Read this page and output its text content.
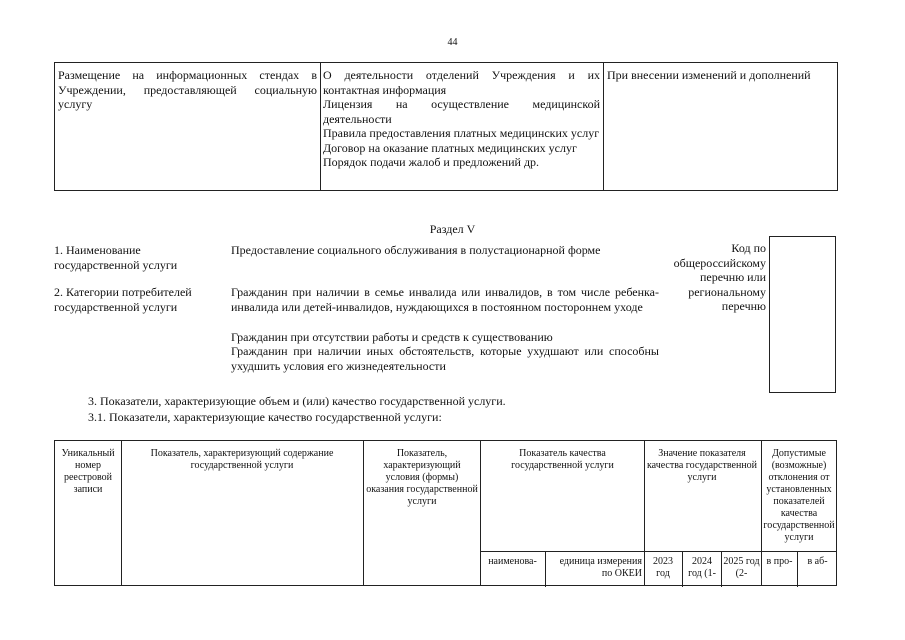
44
Размещение на информационных стендах в Учреждении, предоставляющей социальную услугу
О деятельности отделений Учреждения и их контактная информация
Лицензия на осуществление медицинской деятельности
Правила предоставления платных медицинских услуг
Договор на оказание платных медицинских услуг
Порядок подачи жалоб и предложений др.
При внесении изменений и дополнений
Раздел V
1. Наименование государственной услуги
Предоставление социального обслуживания в полустационарной форме
2. Категории потребителей государственной услуги
Гражданин при наличии в семье инвалида или инвалидов, в том числе ребенка-инвалида или детей-инвалидов, нуждающихся в постоянном постороннем уходе
Гражданин при отсутствии работы и средств к существованию
Гражданин при наличии иных обстоятельств, которые ухудшают или способны ухудшить условия его жизнедеятельности
Код по общероссийскому перечню или региональному перечню
3. Показатели, характеризующие объем и (или) качество государственной услуги.
3.1. Показатели, характеризующие качество государственной услуги:
Уникальный номер реестровой записи
Показатель, характеризующий содержание государственной услуги
Показатель, характеризующий условия (формы) оказания государственной услуги
Показатель качества государственной услуги
Значение показателя качества государственной услуги
Допустимые (возможные) отклонения от установленных показателей качества государственной услуги
наименова-	единица измерения по ОКЕИ
2023 год
2024 год (1-
2025 год (2-
в про-	в аб-
